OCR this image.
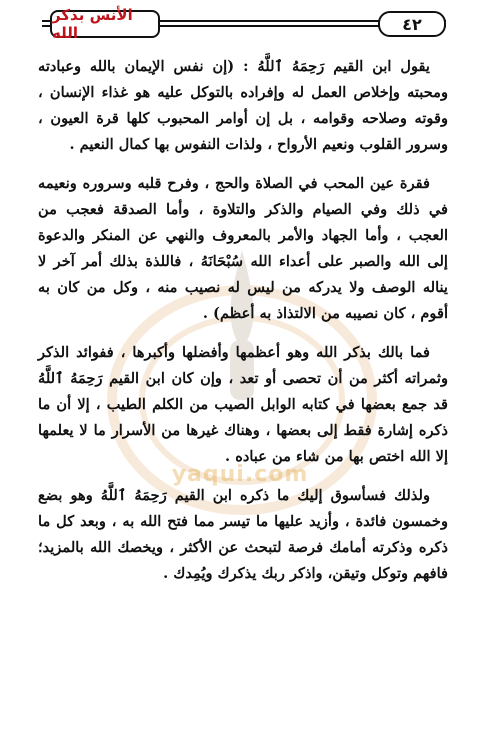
الأنس بذكر الله	٤٢
yaqui.com

يقول ابن القيم رَحِمَهُ ٱللَّهُ : (إن نفس الإيمان بالله وعبادته ومحبته وإخلاص العمل له وإفراده بالتوكل عليه هو غذاء الإنسان ، وقوته وصلاحه وقوامه ، بل إن أوامر المحبوب كلها قرة العيون ، وسرور القلوب ونعيم الأرواح ، ولذات النفوس بها كمال النعيم .

فقرة عين المحب في الصلاة والحج ، وفرح قلبه وسروره ونعيمه في ذلك وفي الصيام والذكر والتلاوة ، وأما الصدقة فعجب من العجب ، وأما الجهاد والأمر بالمعروف والنهي عن المنكر والدعوة إلى الله والصبر على أعداء الله سُبْحَانَهُ ، فاللذة بذلك أمر آخر لا يناله الوصف ولا يدركه من ليس له نصيب منه ، وكل من كان به أقوم ، كان نصيبه من الالتذاذ به أعظم) .

فما بالك بذكر الله وهو أعظمها وأفضلها وأكبرها ، ففوائد الذكر وثمراته أكثر من أن تحصى أو تعد ، وإن كان ابن القيم رَحِمَهُ ٱللَّهُ قد جمع بعضها في كتابه الوابل الصيب من الكلم الطيب ، إلا أن ما ذكره إشارة فقط إلى بعضها ، وهناك غيرها من الأسرار ما لا يعلمها إلا الله اختص بها من شاء من عباده .

ولذلك فسأسوق إليك ما ذكره ابن القيم رَحِمَهُ ٱللَّهُ وهو بضع وخمسون فائدة ، وأزيد عليها ما تيسر مما فتح الله به ، وبعد كل ما ذكره وذكرته أمامك فرصة لتبحث عن الأكثر ، ويخصك الله بالمزيد؛ فافهم وتوكل وتيقن، واذكر ربك يذكرك ويُمِدك .
